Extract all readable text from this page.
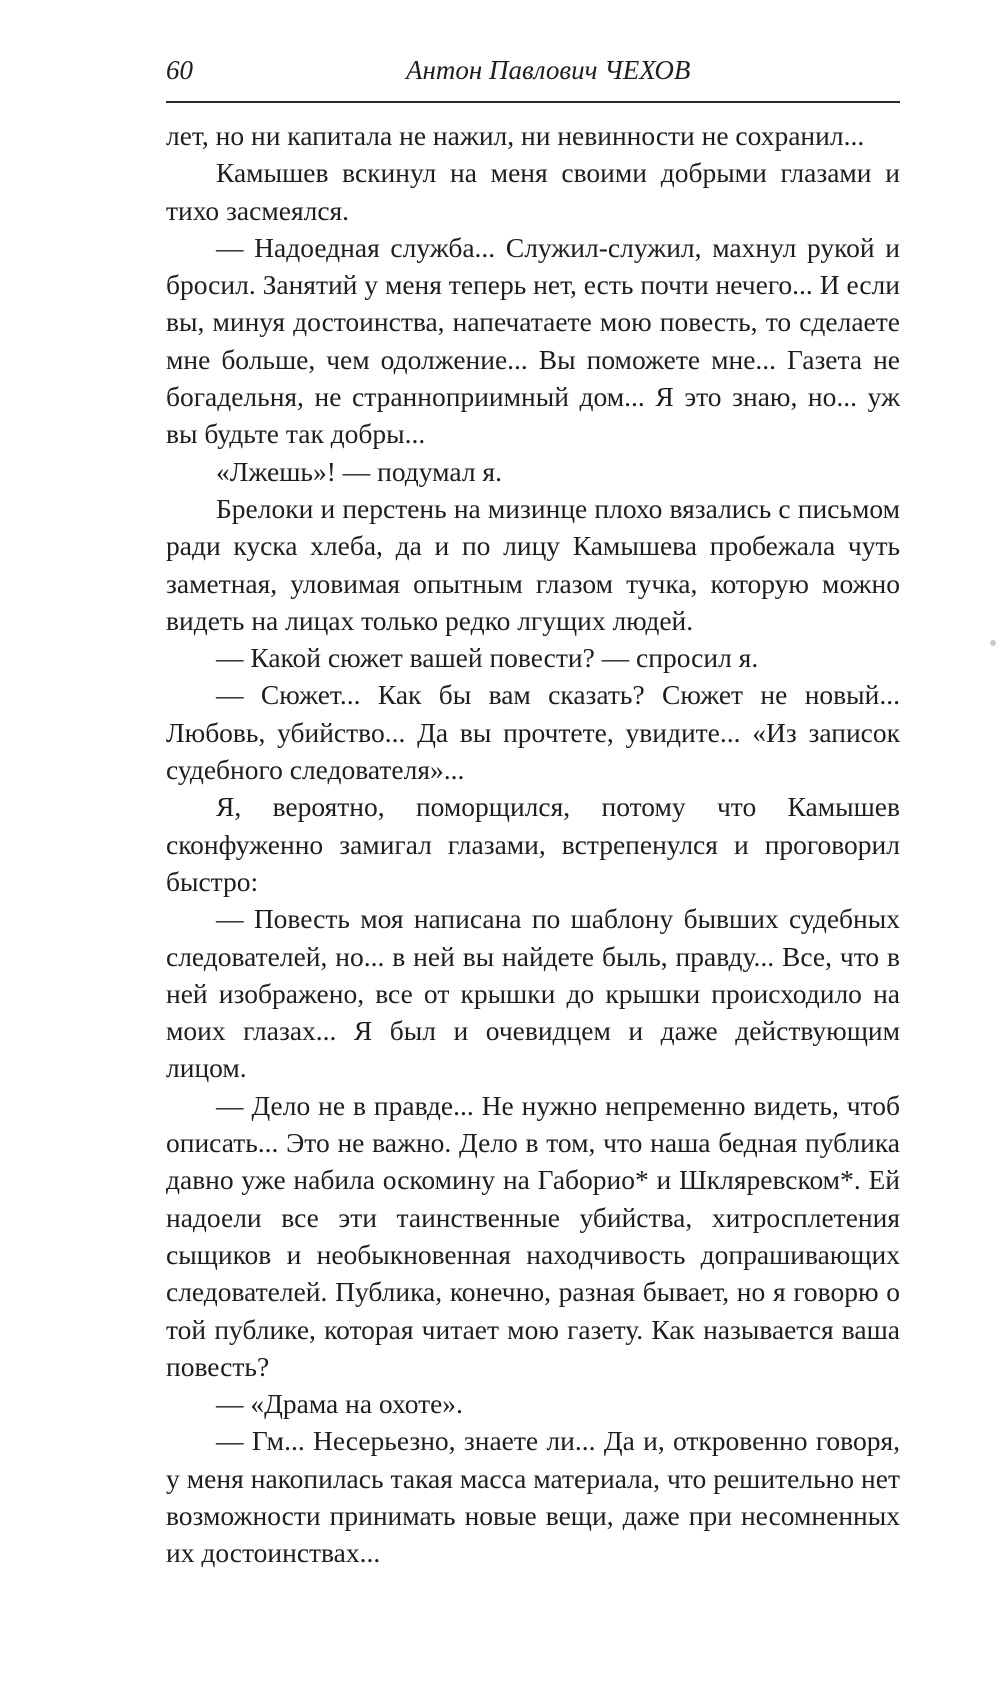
60	Антон Павлович ЧЕХОВ

лет, но ни капитала не нажил, ни невинности не сохранил...

Камышев вскинул на меня своими добрыми глазами и тихо засмеялся.

— Надоедная служба... Служил-служил, махнул рукой и бросил. Занятий у меня теперь нет, есть почти нечего... И если вы, минуя достоинства, напечатаете мою повесть, то сделаете мне больше, чем одолжение... Вы поможете мне... Газета не богадельня, не странноприимный дом... Я это знаю, но... уж вы будьте так добры...

«Лжешь»! — подумал я.

Брелоки и перстень на мизинце плохо вязались с письмом ради куска хлеба, да и по лицу Камышева пробежала чуть заметная, уловимая опытным глазом тучка, которую можно видеть на лицах только редко лгущих людей.

— Какой сюжет вашей повести? — спросил я.

— Сюжет... Как бы вам сказать? Сюжет не новый... Любовь, убийство... Да вы прочтете, увидите... «Из записок судебного следователя»...

Я, вероятно, поморщился, потому что Камышев сконфуженно замигал глазами, встрепенулся и проговорил быстро:

— Повесть моя написана по шаблону бывших судебных следователей, но... в ней вы найдете быль, правду... Все, что в ней изображено, все от крышки до крышки происходило на моих глазах... Я был и очевидцем и даже действующим лицом.

— Дело не в правде... Не нужно непременно видеть, чтоб описать... Это не важно. Дело в том, что наша бедная публика давно уже набила оскомину на Габорио* и Шкляревском*. Ей надоели все эти таинственные убийства, хитросплетения сыщиков и необыкновенная находчивость допрашивающих следователей. Публика, конечно, разная бывает, но я говорю о той публике, которая читает мою газету. Как называется ваша повесть?

— «Драма на охоте».

— Гм... Несерьезно, знаете ли... Да и, откровенно говоря, у меня накопилась такая масса материала, что решительно нет возможности принимать новые вещи, даже при несомненных их достоинствах...
